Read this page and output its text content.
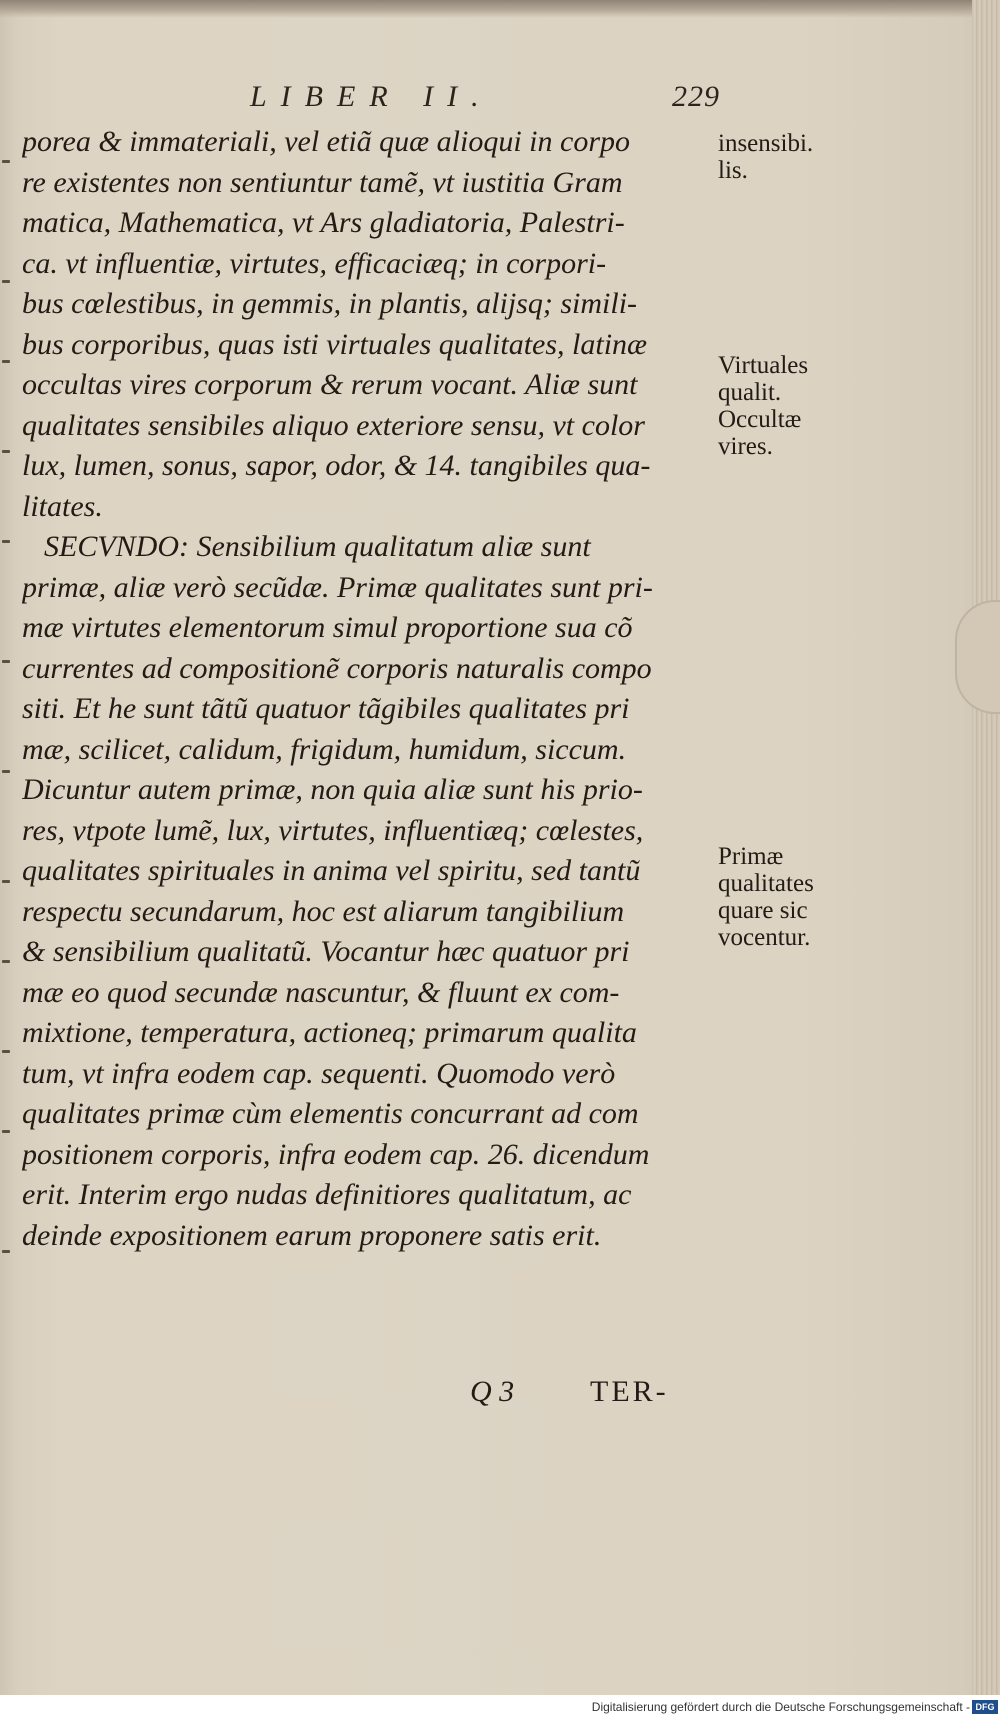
LIBER II.	229
porea & immateriali, vel etiã quæ alioqui in corpo
re existentes non sentiuntur tamẽ, vt iustitia Gram
matica, Mathematica, vt Ars gladiatoria, Palestri-
ca. vt influentiæ, virtutes, efficaciæq; in corpori-
bus cœlestibus, in gemmis, in plantis, alijsq; simili-
bus corporibus, quas isti virtuales qualitates, latinæ
occultas vires corporum & rerum vocant. Aliæ sunt
qualitates sensibiles aliquo exteriore sensu, vt color
lux, lumen, sonus, sapor, odor, & 14. tangibiles qua-
litates.
SECVNDO: Sensibilium qualitatum aliæ sunt
primæ, aliæ verò secũdæ. Primæ qualitates sunt pri-
mæ virtutes elementorum simul proportione sua cõ
currentes ad compositionẽ corporis naturalis compo
siti. Et he sunt tãtũ quatuor tãgibiles qualitates pri
mæ, scilicet, calidum, frigidum, humidum, siccum.
Dicuntur autem primæ, non quia aliæ sunt his prio-
res, vtpote lumẽ, lux, virtutes, influentiæq; cœlestes,
qualitates spirituales in anima vel spiritu, sed tantũ
respectu secundarum, hoc est aliarum tangibilium
& sensibilium qualitatũ. Vocantur hæc quatuor pri
mæ eo quod secundæ nascuntur, & fluunt ex com-
mixtione, temperatura, actioneq; primarum qualita
tum, vt infra eodem cap. sequenti. Quomodo verò
qualitates primæ cùm elementis concurrant ad com
positionem corporis, infra eodem cap. 26. dicendum
erit. Interim ergo nudas definitiores qualitatum, ac
deinde expositionem earum proponere satis erit.
insensibi.
lis.
Virtuales
qualit.
Occultæ
vires.
Primæ
qualitates
quare sic
vocentur.
Q 3	TER-
Digitalisierung gefördert durch die Deutsche Forschungsgemeinschaft - DFG
